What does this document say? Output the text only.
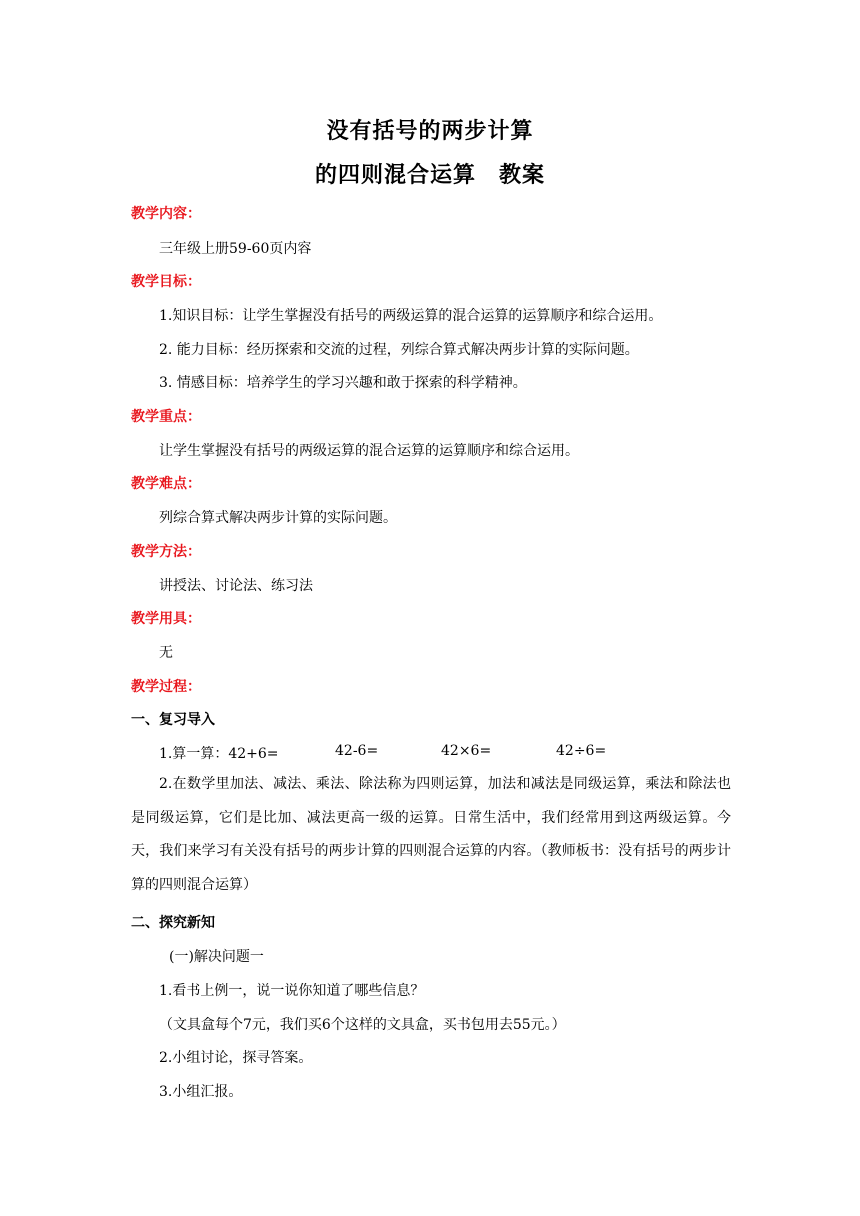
没有括号的两步计算
的四则混合运算　教案
教学内容：
三年级上册59-60页内容
教学目标：
1.知识目标：让学生掌握没有括号的两级运算的混合运算的运算顺序和综合运用。
2. 能力目标：经历探索和交流的过程，列综合算式解决两步计算的实际问题。
3. 情感目标：培养学生的学习兴趣和敢于探索的科学精神。
教学重点：
让学生掌握没有括号的两级运算的混合运算的运算顺序和综合运用。
教学难点：
列综合算式解决两步计算的实际问题。
教学方法：
讲授法、讨论法、练习法
教学用具：
无
教学过程：
一、复习导入
1.算一算：42+6=	42-6=	42×6=	42÷6=
2.在数学里加法、减法、乘法、除法称为四则运算，加法和减法是同级运算，乘法和除法也是同级运算，它们是比加、减法更高一级的运算。日常生活中，我们经常用到这两级运算。今天，我们来学习有关没有括号的两步计算的四则混合运算的内容。（教师板书：没有括号的两步计算的四则混合运算）
二、探究新知
(一)解决问题一
1.看书上例一，说一说你知道了哪些信息？
（文具盒每个7元，我们买6个这样的文具盒，买书包用去55元。）
2.小组讨论，探寻答案。
3.小组汇报。
